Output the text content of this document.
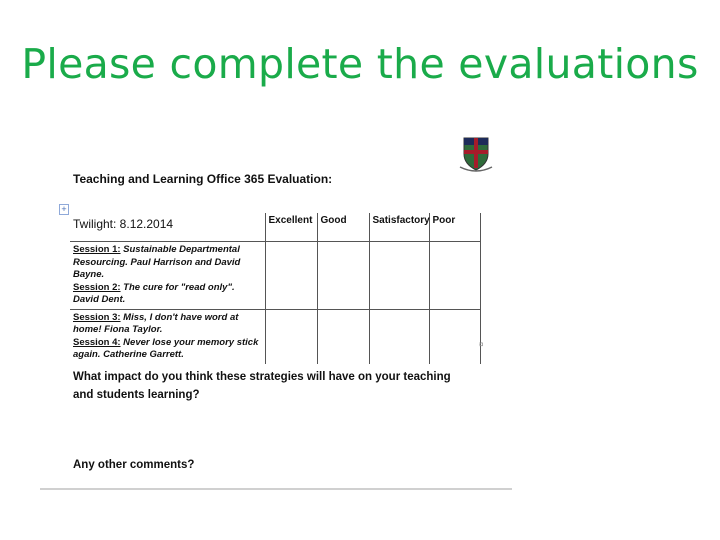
Please complete the evaluations
Teaching and Learning Office 365 Evaluation:
+
Twilight: 8.12.2014	Excellent	Good	Satisfactory	Poor

Session 1: Sustainable Departmental Resourcing. Paul Harrison and David Bayne.
Session 2: The cure for "read only". David Dent.				

Session 3: Miss, I don't have word at home! Fiona Taylor.
Session 4: Never lose your memory stick again. Catherine Garrett.				

¤
What impact do you think these strategies will have on your teaching and students learning?
Any other comments?
